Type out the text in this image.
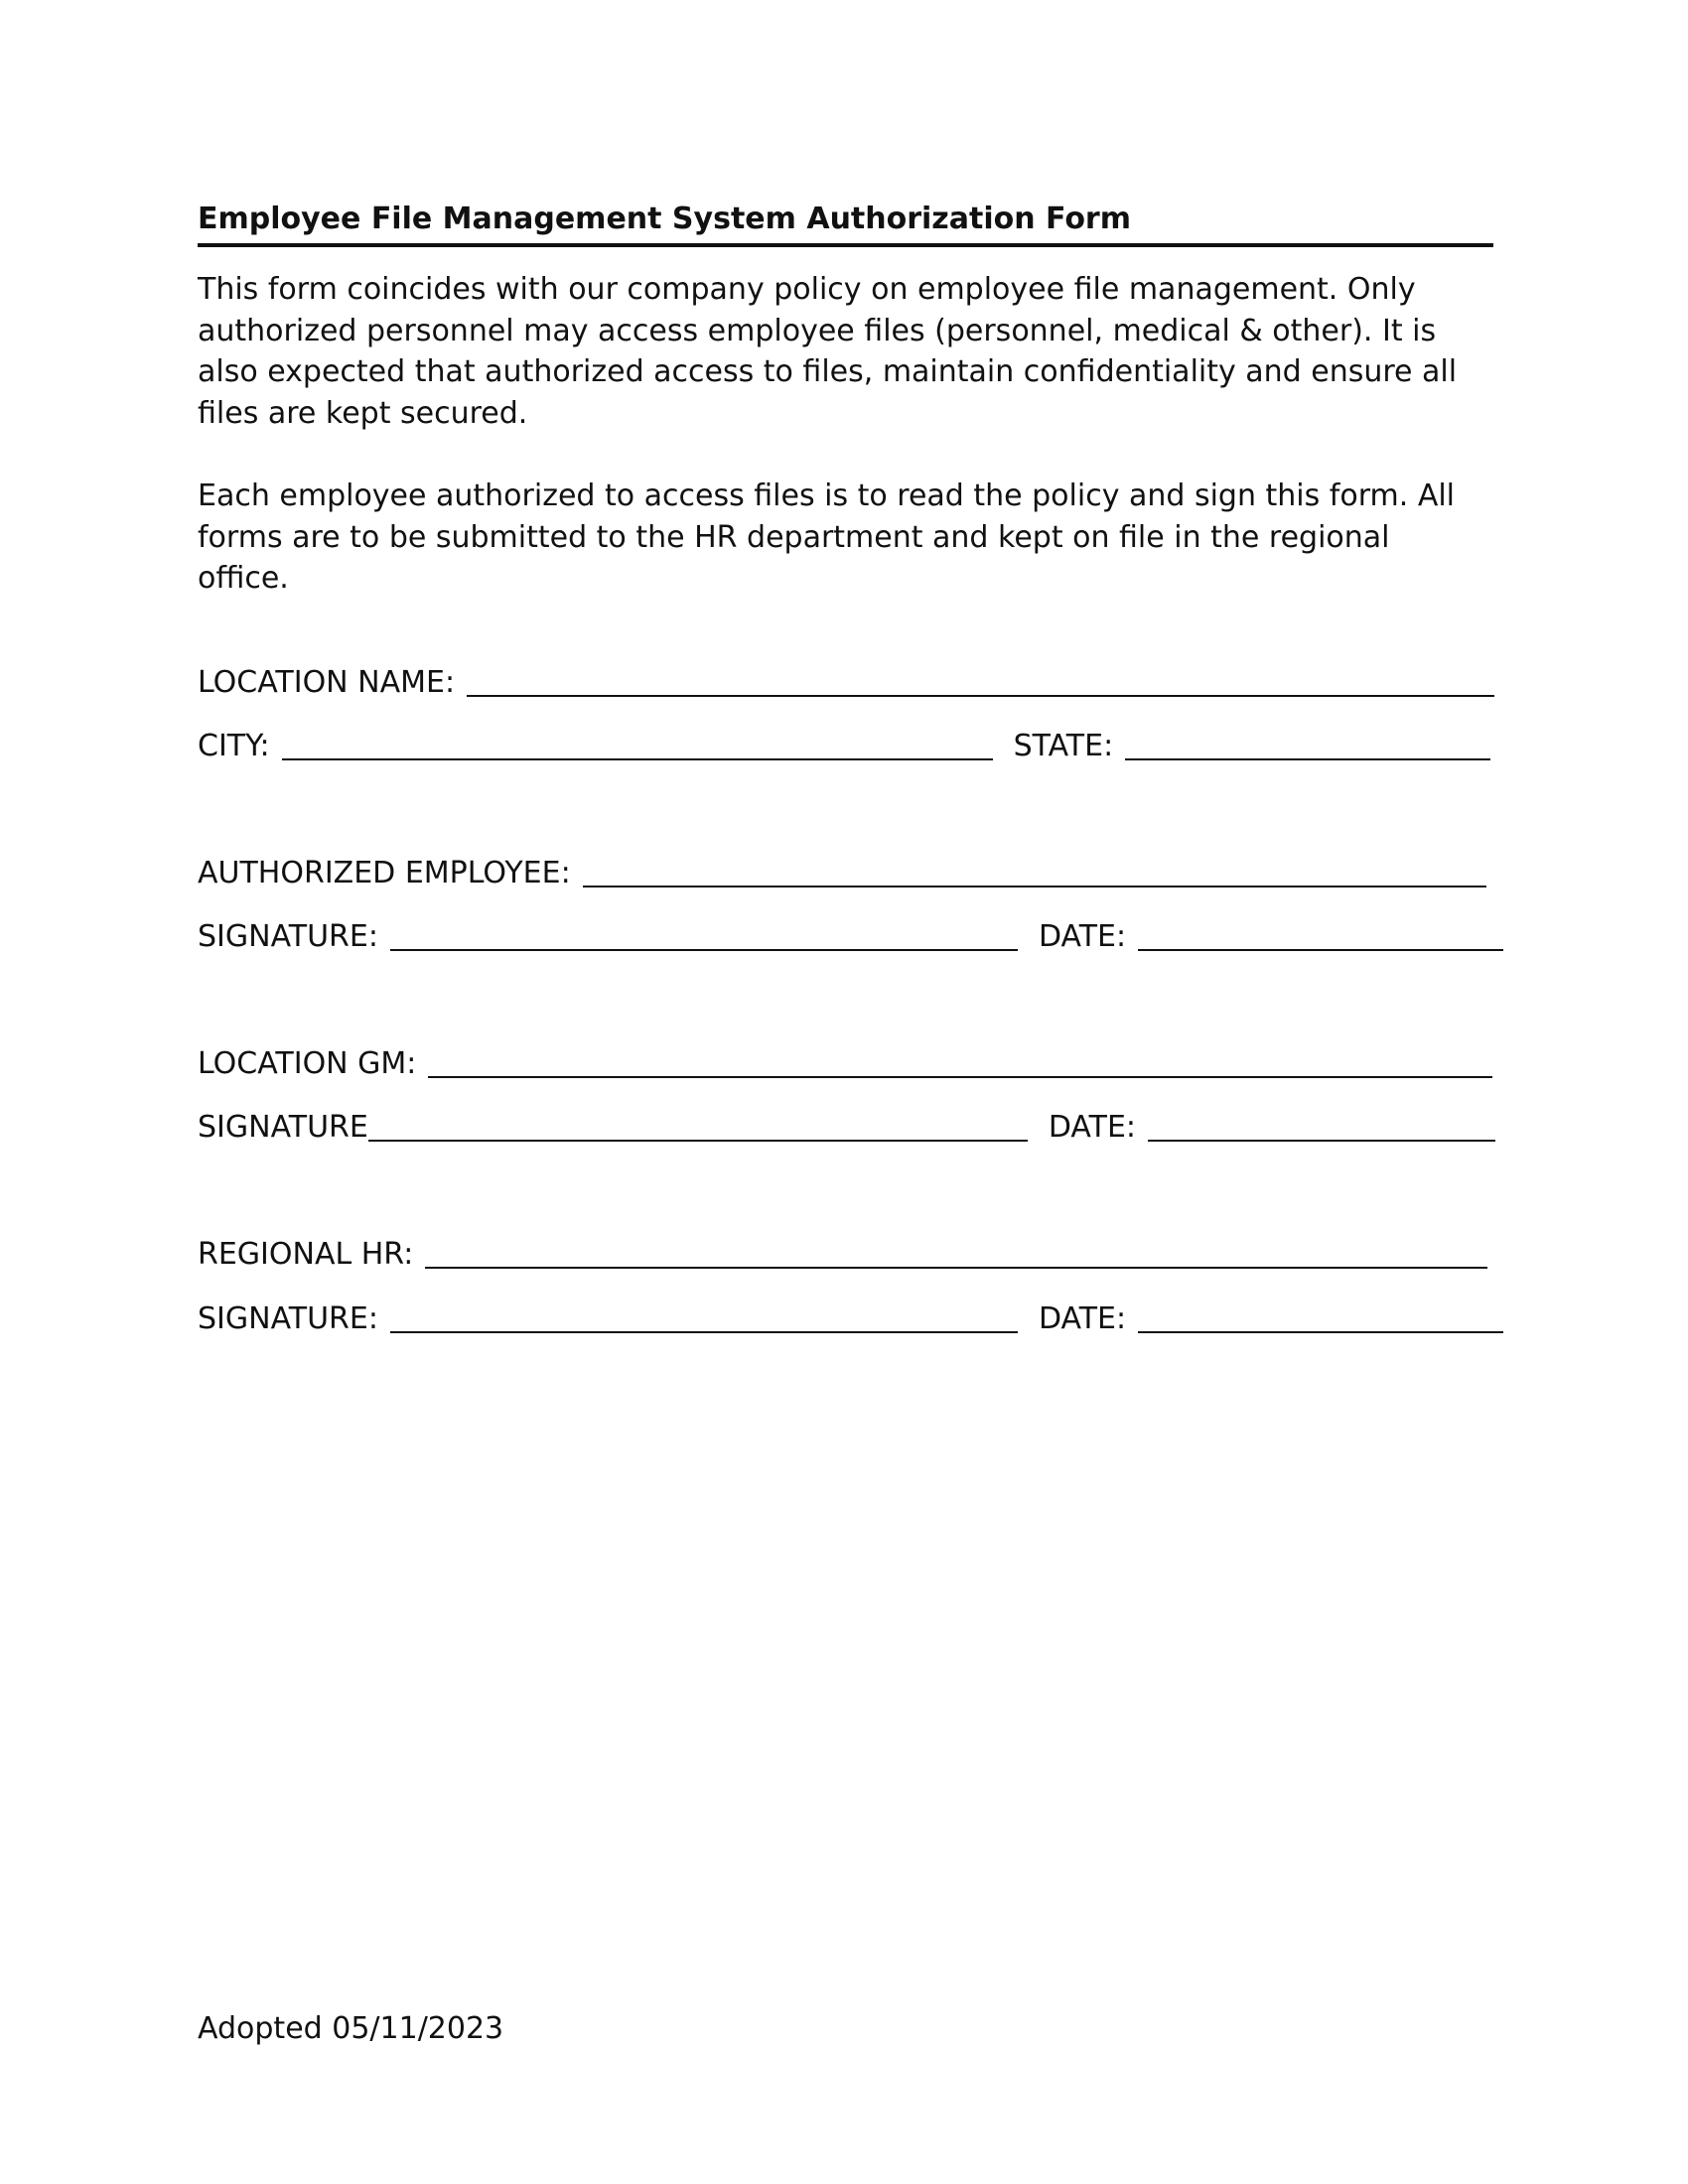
Employee File Management System Authorization Form

This form coincides with our company policy on employee file management. Only

authorized personnel may access employee files (personnel, medical & other). It is

also expected that authorized access to files, maintain confidentiality and ensure all

files are kept secured.

Each employee authorized to access files is to read the policy and sign this form. All

forms are to be submitted to the HR department and kept on file in the regional

office.

LOCATION NAME:
CITY:	STATE:
AUTHORIZED EMPLOYEE:
SIGNATURE:	DATE:
LOCATION GM:
SIGNATURE	DATE:
REGIONAL HR:
SIGNATURE:	DATE:
Adopted 05/11/2023
